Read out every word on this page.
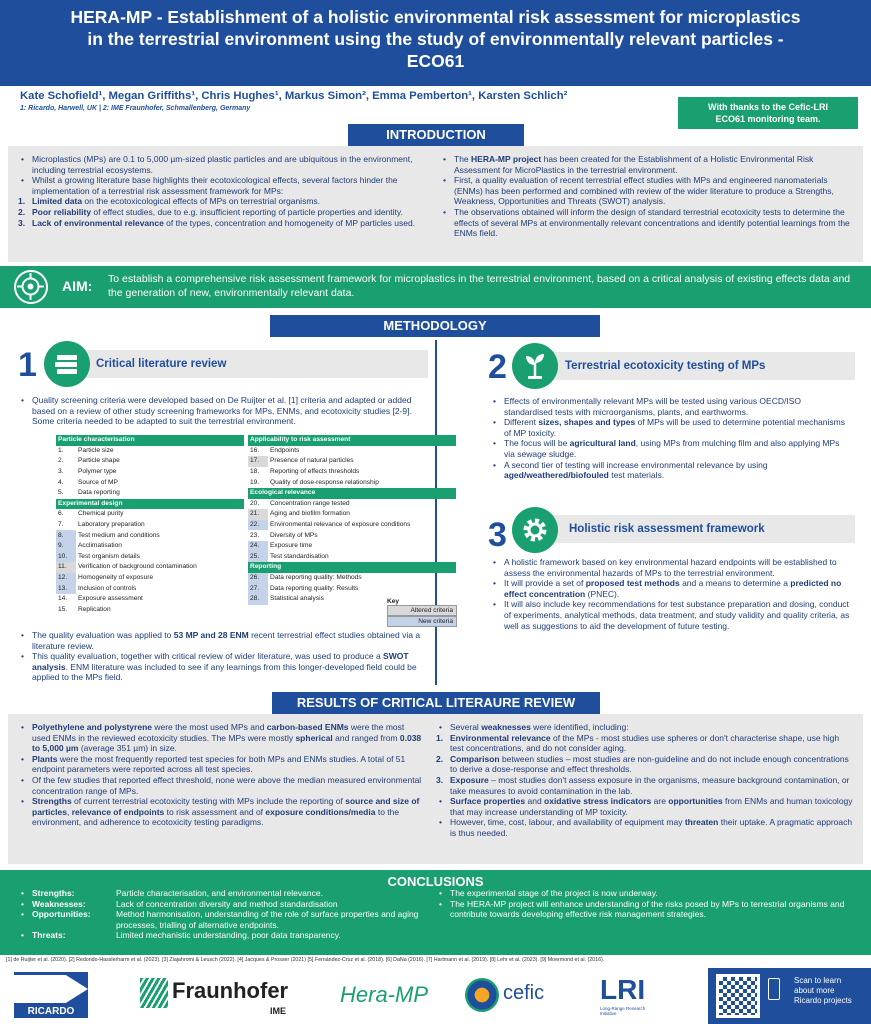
HERA-MP - Establishment of a holistic environmental risk assessment for microplastics
in the terrestrial environment using the study of environmentally relevant particles -
ECO61
Kate Schofield¹, Megan Griffiths¹, Chris Hughes¹, Markus Simon², Emma Pemberton¹, Karsten Schlich²
1: Ricardo, Harwell, UK | 2: IME Fraunhofer, Schmallenberg, Germany	With thanks to the Cefic-LRI
ECO61 monitoring team.
INTRODUCTION
• Microplastics (MPs) are 0.1 to 5,000 µm-sized plastic particles and are ubiquitous in the environment, including terrestrial ecosystems.
• Whilst a growing literature base highlights their ecotoxicological effects, several factors hinder the implementation of a terrestrial risk assessment framework for MPs:
1. Limited data on the ecotoxicological effects of MPs on terrestrial organisms.
2. Poor reliability of effect studies, due to e.g. insufficient reporting of particle properties and identity.
3. Lack of environmental relevance of the types, concentration and homogeneity of MP particles used.
• The HERA-MP project has been created for the Establishment of a Holistic Environmental Risk Assessment for MicroPlastics in the terrestrial environment.
• First, a quality evaluation of recent terrestrial effect studies with MPs and engineered nanomaterials (ENMs) has been performed and combined with review of the wider literature to produce a Strengths, Weakness, Opportunities and Threats (SWOT) analysis.
• The observations obtained will inform the design of standard terrestrial ecotoxicity tests to determine the effects of several MPs at environmentally relevant concentrations and identify potential learnings from the ENMs field.
AIM: To establish a comprehensive risk assessment framework for microplastics in the terrestrial environment, based on a critical analysis of existing effects data and the generation of new, environmentally relevant data.
METHODOLOGY
1	Critical literature review
• Quality screening criteria were developed based on De Ruijter et al. [1] criteria and adapted or added based on a review of other study screening frameworks for MPs, ENMs, and ecotoxicity studies [2-9]. Some criteria needed to be adapted to suit the terrestrial environment.
Particle characterisation	
1.	Particle size
2.	Particle shape
3.	Polymer type
4.	Source of MP
5.	Data reporting
Experimental design	
6.	Chemical purity
7.	Laboratory preparation
8.	Test medium and conditions
9.	Acclimatisation
10.	Test organism details
11.	Verification of background contamination
12.	Homogeneity of exposure
13.	Inclusion of controls
14.	Exposure assessment
15.	Replication
Applicability to risk assessment	
16.	Endpoints
17.	Presence of natural particles
18.	Reporting of effects thresholds
19.	Quality of dose-response relationship
Ecological relevance	
20.	Concentration range tested
21.	Aging and biofilm formation
22.	Environmental relevance of exposure conditions
23.	Diversity of MPs
24.	Exposure time
25.	Test standardisation
Reporting	
26.	Data reporting quality: Methods
27.	Data reporting quality: Results
28.	Statistical analysis	Key
Altered criteria
New criteria
• The quality evaluation was applied to 53 MP and 28 ENM recent terrestrial effect studies obtained via a literature review.
• This quality evaluation, together with critical review of wider literature, was used to produce a SWOT analysis. ENM literature was included to see if any learnings from this longer-developed field could be applied to the MPs field.
2	Terrestrial ecotoxicity testing of MPs
• Effects of environmentally relevant MPs will be tested using various OECD/ISO standardised tests with microorganisms, plants, and earthworms.
• Different sizes, shapes and types of MPs will be used to determine potential mechanisms of MP toxicity.
• The focus will be agricultural land, using MPs from mulching film and also applying MPs via sewage sludge.
• A second tier of testing will increase environmental relevance by using aged/weathered/biofouled test materials.
3	Holistic risk assessment framework
• A holistic framework based on key environmental hazard endpoints will be established to assess the environmental hazards of MPs to the terrestrial environment.
• It will provide a set of proposed test methods and a means to determine a predicted no effect concentration (PNEC).
• It will also include key recommendations for test substance preparation and dosing, conduct of experiments, analytical methods, data treatment, and study validity and quality criteria, as well as suggestions to aid the development of future testing.
RESULTS OF CRITICAL LITERAURE REVIEW
• Polyethylene and polystyrene were the most used MPs and carbon-based ENMs were the most used ENMs in the reviewed ecotoxicity studies. The MPs were mostly spherical and ranged from 0.038 to 5,000 µm (average 351 µm) in size.
• Plants were the most frequently reported test species for both MPs and ENMs studies. A total of 51 endpoint parameters were reported across all test species.
• Of the few studies that reported effect threshold, none were above the median measured environmental concentration range of MPs.
• Strengths of current terrestrial ecotoxicity testing with MPs include the reporting of source and size of particles, relevance of endpoints to risk assessment and of exposure conditions/media to the environment, and adherence to ecotoxicity testing paradigms.
• Several weaknesses were identified, including:
1. Environmental relevance of the MPs - most studies use spheres or don't characterise shape, use high test concentrations, and do not consider aging.
2. Comparison between studies – most studies are non-guideline and do not include enough concentrations to derive a dose-response and effect thresholds.
3. Exposure – most studies don't assess exposure in the organisms, measure background contamination, or take measures to avoid contamination in the lab.
• Surface properties and oxidative stress indicators are opportunities from ENMs and human toxicology that may increase understanding of MP toxicity.
• However, time, cost, labour, and availability of equipment may threaten their uptake. A pragmatic approach is thus needed.
CONCLUSIONS
• Strengths:	Particle characterisation, and environmental relevance.
• Weaknesses:	Lack of concentration diversity and method standardisation
• Opportunities:	Method harmonisation, understanding of the role of surface properties and aging processes, trialling of alternative endpoints.
• Threats:	Limited mechanistic understanding, poor data transparency.
• The experimental stage of the project is now underway.
• The HERA-MP project will enhance understanding of the risks posed by MPs to terrestrial organisms and contribute towards developing effective risk management strategies.
[1] de Ruijter et al. (2020). [2] Redondo-Hasslerharm et al. (2023). [3] Ziajahromi & Leusch (2022). [4] Jacques & Prosser (2021) [5] Fernández-Cruz et al. (2018). [6] DaNa (2016). [7] Hartmann et al. (2019). [8] Lehr et al. (2023). [9] Moermond et al. (2016).
RICARDO
Fraunhofer
IME
Hera-MP	cefic LRI
Long-Range Research Initiative
Scan to learn about more Ricardo projects
